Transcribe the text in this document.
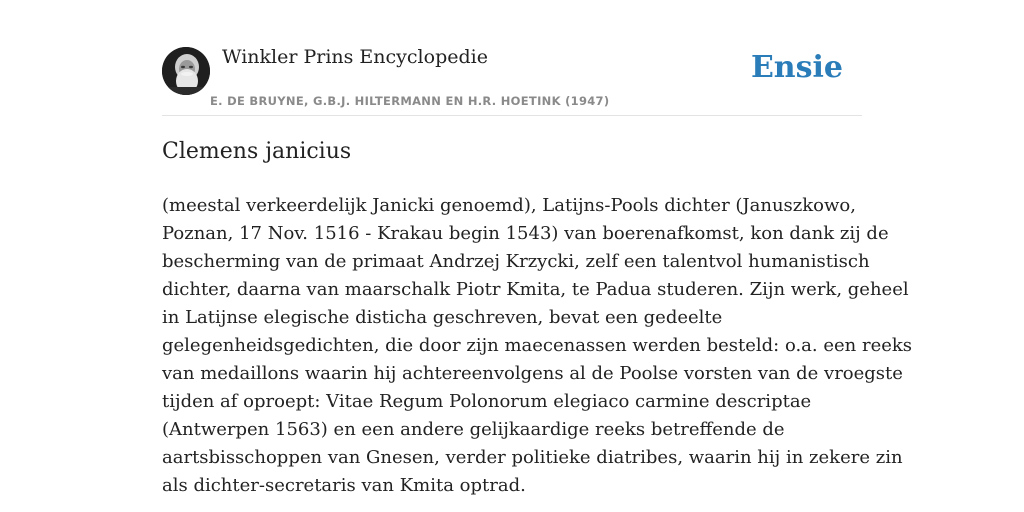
Winkler Prins Encyclopedie
E. DE BRUYNE, G.B.J. HILTERMANN EN H.R. HOETINK (1947)
Ensie
Clemens janicius

(meestal verkeerdelijk Janicki genoemd), Latijns-Pools dichter (Januszkowo,
Poznan, 17 Nov. 1516 - Krakau begin 1543) van boerenafkomst, kon dank zij de
bescherming van de primaat Andrzej Krzycki, zelf een talentvol humanistisch
dichter, daarna van maarschalk Piotr Kmita, te Padua studeren. Zijn werk, geheel
in Latijnse elegische disticha geschreven, bevat een gedeelte
gelegenheidsgedichten, die door zijn maecenassen werden besteld: o.a. een reeks
van medaillons waarin hij achtereenvolgens al de Poolse vorsten van de vroegste
tijden af oproept: Vitae Regum Polonorum elegiaco carmine descriptae
(Antwerpen 1563) en een andere gelijkaardige reeks betreffende de
aartsbisschoppen van Gnesen, verder politieke diatribes, waarin hij in zekere zin
als dichter-secretaris van Kmita optrad.
